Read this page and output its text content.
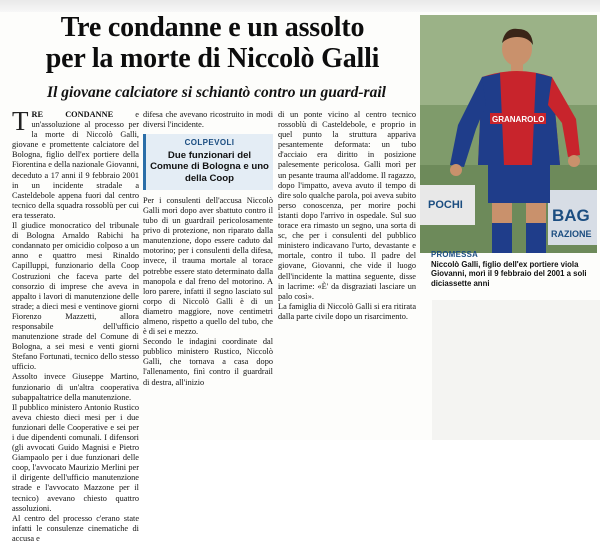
Tre condanne e un assolto
per la morte di Niccolò Galli
Il giovane calciatore si schiantò contro un guard-rail

TRE CONDANNE e un'assoluzione al processo per la morte di Niccolò Galli, giovane e promettente calciatore del Bologna, figlio dell'ex portiere della Fiorentina e della nazionale Giovanni, deceduto a 17 anni il 9 febbraio 2001 in un incidente stradale a Casteldebole appena fuori dal centro tecnico della squadra rossoblù per cui era tesserato.

Il giudice monocratico del tribunale di Bologna Arnaldo Rabichi ha condannato per omicidio colposo a un anno e quattro mesi Rinaldo Capilluppi, funzionario della Coop Costruzioni che faceva parte del consorzio di imprese che aveva in appalto i lavori di manutenzione delle strade; a dieci mesi e ventinove giorni Fiorenzo Mazzetti, allora responsabile dell'ufficio manutenzione strade del Comune di Bologna, a sei mesi e venti giorni Stefano Fortunati, tecnico dello stesso ufficio.

Assolto invece Giuseppe Martino, funzionario di un'altra cooperativa subappaltatrice della manutenzione.

Il pubblico ministero Antonio Rustico aveva chiesto dieci mesi per i due funzionari delle Cooperative e sei per i due dipendenti comunali. I difensori (gli avvocati Guido Magnisi e Pietro Giampaolo per i due funzionari delle coop, l'avvocato Maurizio Merlini per il dirigente dell'ufficio manutenzione strade e l'avvocato Mazzone per il tecnico) avevano chiesto quattro assoluzioni.

Al centro del processo c'erano state infatti le consulenze cinematiche di accusa e

difesa che avevano ricostruito in modi diversi l'incidente.

COLPEVOLI
Due funzionari del Comune di Bologna e uno della Coop

Per i consulenti dell'accusa Niccolò Galli morì dopo aver sbattuto contro il tubo di un guardrail pericolosamente privo di protezione, non riparato dalla manutenzione, dopo essere caduto dal motorino; per i consulenti della difesa, invece, il trauma mortale al torace potrebbe essere stato determinato dalla manopola e dal freno del motorino. A loro parere, infatti il segno lasciato sul corpo di Niccolò Galli è di un diametro maggiore, nove centimetri almeno, rispetto a quello del tubo, che è di sei e mezzo.

Secondo le indagini coordinate dal pubblico ministero Rustico, Niccolò Galli, che tornava a casa dopo l'allenamento, finì contro il guardrail di destra, all'inizio

di un ponte vicino al centro tecnico rossoblù di Casteldebole, e proprio in quel punto la struttura appariva pesantemente deformata: un tubo d'acciaio era diritto in posizione palesemente pericolosa. Galli morì per un pesante trauma all'addome. Il ragazzo, dopo l'impatto, aveva avuto il tempo di dire solo qualche parola, poi aveva subito perso conoscenza, per morire pochi istanti dopo l'arrivo in ospedale. Sul suo torace era rimasto un segno, una sorta di sc, che per i consulenti del pubblico ministero indicavano l'urto, devastante e mortale, contro il tubo. Il padre del giovane, Giovanni, che vide il luogo dell'incidente la mattina seguente, disse in lacrime: «È' da disgraziati lasciare un palo così».

La famiglia di Niccolò Galli si era ritirata dalla parte civile dopo un risarcimento.

POCHI
BAG
RAZIONE
GRANAROLO
PROMESSA
Niccolò Galli, figlio dell'ex portiere viola Giovanni, morì il 9 febbraio del 2001 a soli diciassette anni
